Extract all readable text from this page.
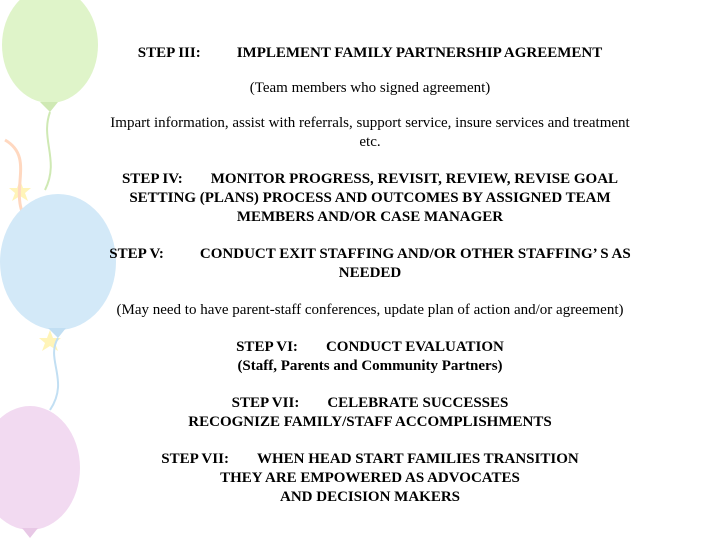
STEP III: IMPLEMENT FAMILY PARTNERSHIP AGREEMENT

(Team members who signed agreement)

Impart information, assist with referrals, support service, insure services and treatment

etc.

STEP IV: MONITOR PROGRESS, REVISIT, REVIEW, REVISE GOAL

SETTING (PLANS) PROCESS AND OUTCOMES BY ASSIGNED TEAM

MEMBERS AND/OR CASE MANAGER

STEP V: CONDUCT EXIT STAFFING AND/OR OTHER STAFFING’ S AS

NEEDED

(May need to have parent-staff conferences, update plan of action and/or agreement)

STEP VI: CONDUCT EVALUATION

(Staff, Parents and Community Partners)

STEP VII: CELEBRATE SUCCESSES

RECOGNIZE FAMILY/STAFF ACCOMPLISHMENTS

STEP VII: WHEN HEAD START FAMILIES TRANSITION

THEY ARE EMPOWERED AS ADVOCATES

AND DECISION MAKERS
